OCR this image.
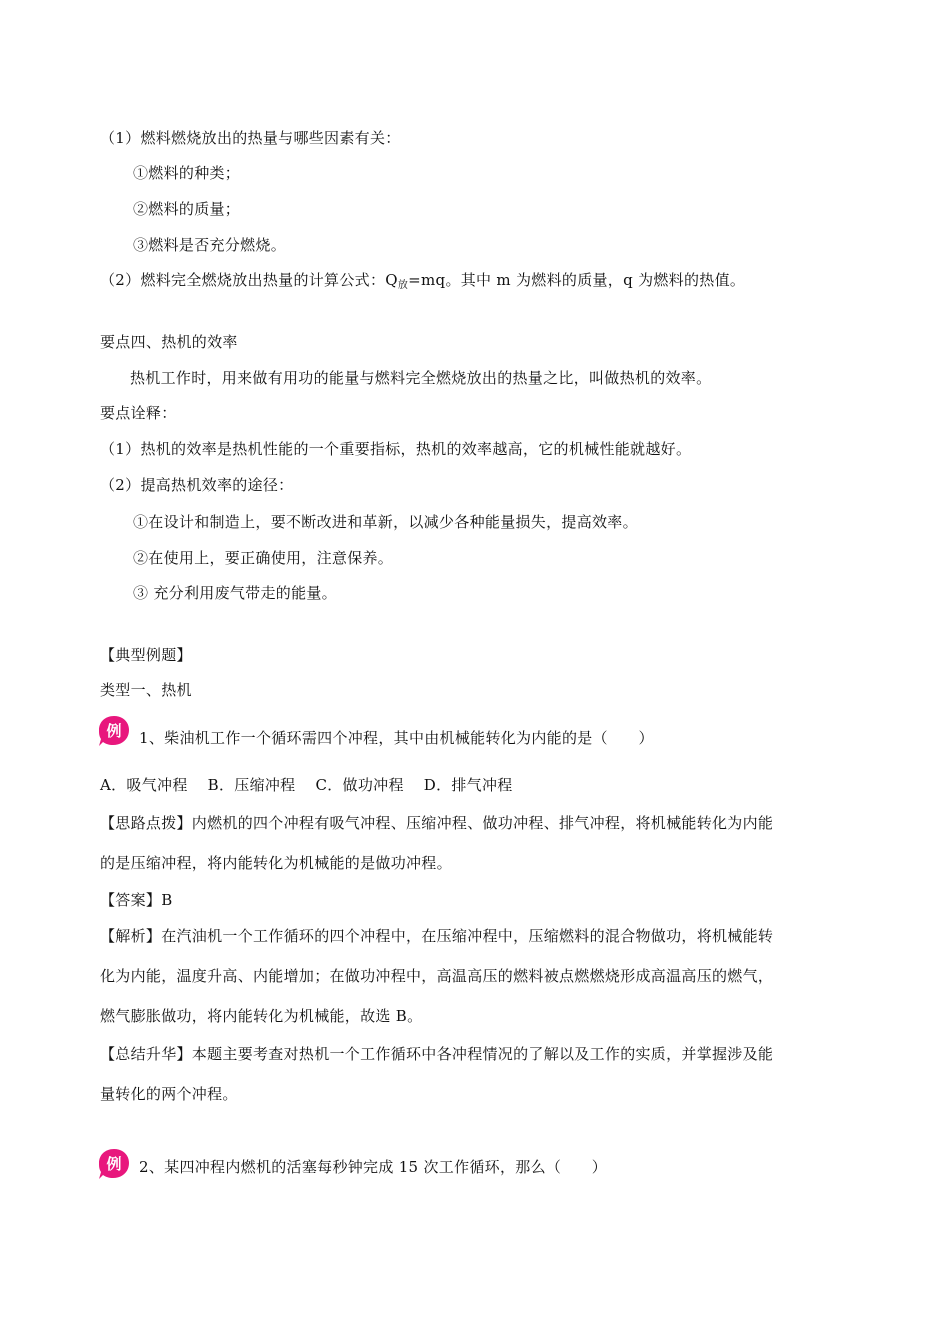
（1）燃料燃烧放出的热量与哪些因素有关：
①燃料的种类；
②燃料的质量；
③燃料是否充分燃烧。
（2）燃料完全燃烧放出热量的计算公式：$Q_放=mq$。其中 m 为燃料的质量，q 为燃料的热值。
要点四、热机的效率
热机工作时，用来做有用功的能量与燃料完全燃烧放出的热量之比，叫做热机的效率。
要点诠释：
（1）热机的效率是热机性能的一个重要指标，热机的效率越高，它的机械性能就越好。
（2）提高热机效率的途径：
①在设计和制造上，要不断改进和革新，以减少各种能量损失，提高效率。
②在使用上，要正确使用，注意保养。
③ 充分利用废气带走的能量。
【典型例题】
类型一、热机
例 1、柴油机工作一个循环需四个冲程，其中由机械能转化为内能的是（　　）
A．吸气冲程 B．压缩冲程 C．做功冲程 D．排气冲程
【思路点拨】内燃机的四个冲程有吸气冲程、压缩冲程、做功冲程、排气冲程，将机械能转化为内能
的是压缩冲程，将内能转化为机械能的是做功冲程。
【答案】B
【解析】在汽油机一个工作循环的四个冲程中，在压缩冲程中，压缩燃料的混合物做功，将机械能转
化为内能，温度升高、内能增加；在做功冲程中，高温高压的燃料被点燃燃烧形成高温高压的燃气，
燃气膨胀做功，将内能转化为机械能，故选 B。
【总结升华】本题主要考查对热机一个工作循环中各冲程情况的了解以及工作的实质，并掌握涉及能
量转化的两个冲程。
例 2、某四冲程内燃机的活塞每秒钟完成 15 次工作循环，那么（　　）
